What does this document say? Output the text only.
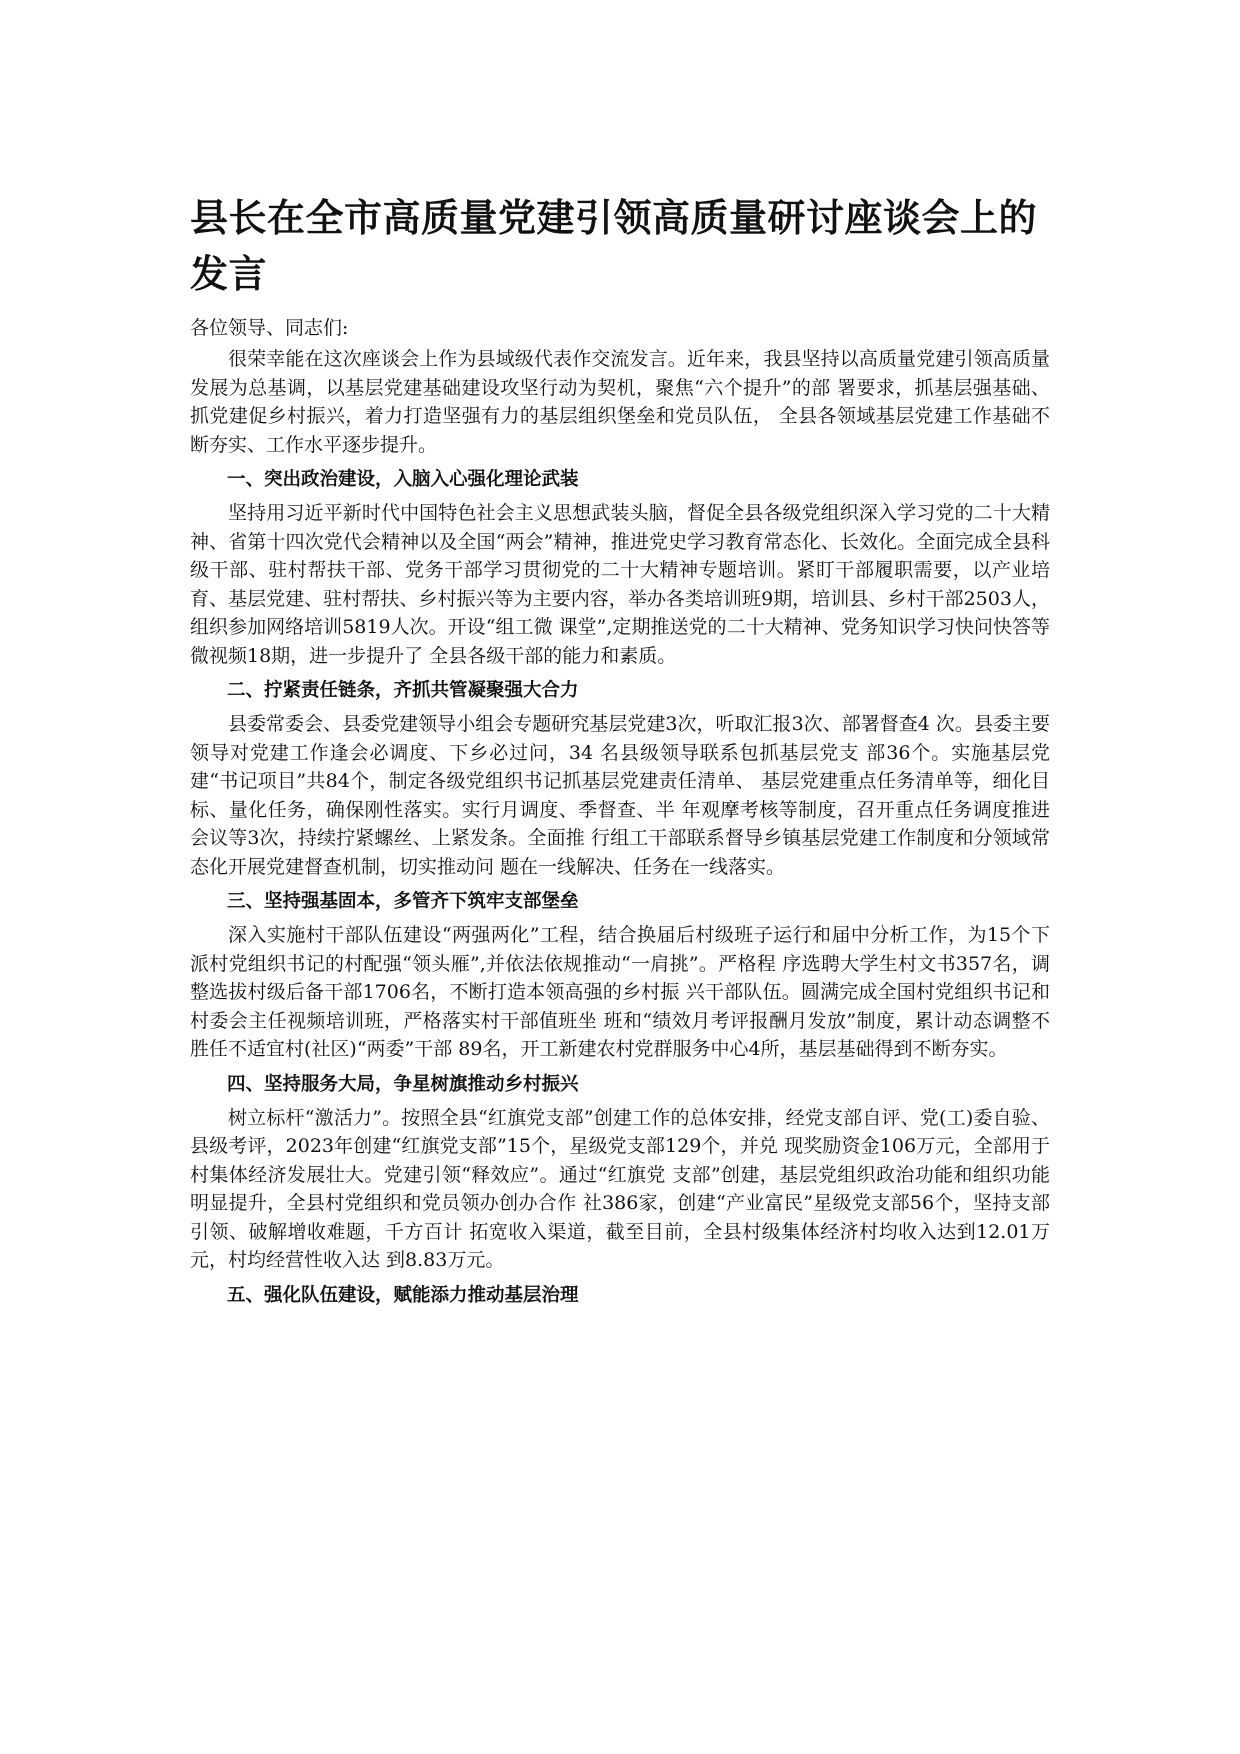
县长在全市高质量党建引领高质量研讨座谈会上的发言

各位领导、同志们:

很荣幸能在这次座谈会上作为县域级代表作交流发言。近年来，我县坚持以高质量党建引领高质量发展为总基调，以基层党建基础建设攻坚行动为契机，聚焦“六个提升”的部 署要求，抓基层强基础、抓党建促乡村振兴，着力打造坚强有力的基层组织堡垒和党员队伍， 全县各领域基层党建工作基础不断夯实、工作水平逐步提升。

一、突出政治建设，入脑入心强化理论武装

坚持用习近平新时代中国特色社会主义思想武装头脑，督促全县各级党组织深入学习党的二十大精神、省第十四次党代会精神以及全国“两会”精神，推进党史学习教育常态化、长效化。全面完成全县科级干部、驻村帮扶干部、党务干部学习贯彻党的二十大精神专题培训。紧盯干部履职需要，以产业培育、基层党建、驻村帮扶、乡村振兴等为主要内容，举办各类培训班9期，培训县、乡村干部2503人，组织参加网络培训5819人次。开设“组工微 课堂”,定期推送党的二十大精神、党务知识学习快问快答等微视频18期，进一步提升了 全县各级干部的能力和素质。

二、拧紧责任链条，齐抓共管凝聚强大合力

县委常委会、县委党建领导小组会专题研究基层党建3次，听取汇报3次、部署督查4 次。县委主要领导对党建工作逢会必调度、下乡必过问，34 名县级领导联系包抓基层党支 部36个。实施基层党建“书记项目”共84个，制定各级党组织书记抓基层党建责任清单、 基层党建重点任务清单等，细化目标、量化任务，确保刚性落实。实行月调度、季督查、半 年观摩考核等制度，召开重点任务调度推进会议等3次，持续拧紧螺丝、上紧发条。全面推 行组工干部联系督导乡镇基层党建工作制度和分领域常态化开展党建督查机制，切实推动问 题在一线解决、任务在一线落实。

三、坚持强基固本，多管齐下筑牢支部堡垒

深入实施村干部队伍建设“两强两化”工程，结合换届后村级班子运行和届中分析工作，为15个下派村党组织书记的村配强“领头雁”,并依法依规推动“一肩挑”。严格程 序选聘大学生村文书357名，调整选拔村级后备干部1706名，不断打造本领高强的乡村振 兴干部队伍。圆满完成全国村党组织书记和村委会主任视频培训班，严格落实村干部值班坐 班和“绩效月考评报酬月发放”制度，累计动态调整不胜任不适宜村(社区)“两委”干部 89名，开工新建农村党群服务中心4所，基层基础得到不断夯实。

四、坚持服务大局，争星树旗推动乡村振兴

树立标杆“激活力”。按照全县“红旗党支部”创建工作的总体安排，经党支部自评、党(工)委自验、县级考评，2023年创建“红旗党支部”15个，星级党支部129个，并兑 现奖励资金106万元，全部用于村集体经济发展壮大。党建引领“释效应”。通过“红旗党 支部”创建，基层党组织政治功能和组织功能明显提升，全县村党组织和党员领办创办合作 社386家，创建“产业富民”星级党支部56个，坚持支部引领、破解增收难题，千方百计 拓宽收入渠道，截至目前，全县村级集体经济村均收入达到12.01万元，村均经营性收入达 到8.83万元。

五、强化队伍建设，赋能添力推动基层治理
